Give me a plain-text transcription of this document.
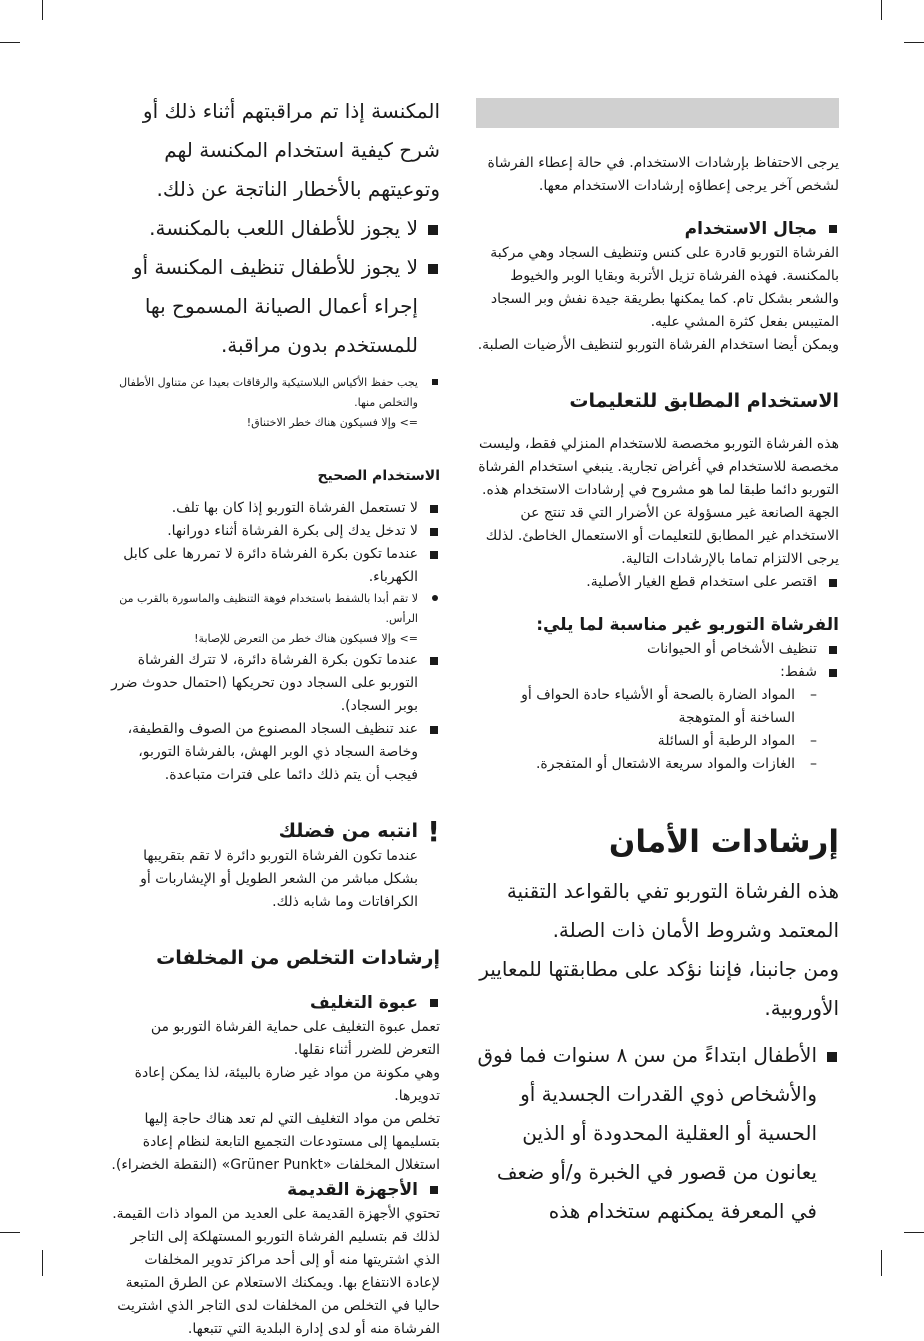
يرجى الاحتفاظ بإرشادات الاستخدام. في حالة إعطاء الفرشاة لشخص آخر يرجى إعطاؤه إرشادات الاستخدام معها.

مجال الاستخدام

الفرشاة التوربو قادرة على كنس وتنظيف السجاد وهي مركبة بالمكنسة. فهذه الفرشاة تزيل الأتربة وبقايا الوبر والخيوط والشعر بشكل تام. كما يمكنها بطريقة جيدة نفش وبر السجاد المتيبس بفعل كثرة المشي عليه.

ويمكن أيضا استخدام الفرشاة التوربو لتنظيف الأرضيات الصلبة.

الاستخدام المطابق للتعليمات

هذه الفرشاة التوربو مخصصة للاستخدام المنزلي فقط، وليست مخصصة للاستخدام في أغراض تجارية. ينبغي استخدام الفرشاة التوربو دائما طبقا لما هو مشروح في إرشادات الاستخدام هذه. الجهة الصانعة غير مسؤولة عن الأضرار التي قد تنتج عن الاستخدام غير المطابق للتعليمات أو الاستعمال الخاطئ. لذلك يرجى الالتزام تماما بالإرشادات التالية.

اقتصر على استخدام قطع الغيار الأصلية.

الفرشاة التوربو غير مناسبة لما يلي:

تنظيف الأشخاص أو الحيوانات

شفط:

– المواد الضارة بالصحة أو الأشياء حادة الحواف أو الساخنة أو المتوهجة

– المواد الرطبة أو السائلة

– الغازات والمواد سريعة الاشتعال أو المتفجرة.

إرشادات الأمان

هذه الفرشاة التوربو تفي بالقواعد التقنية المعتمد وشروط الأمان ذات الصلة.

ومن جانبنا، فإننا نؤكد على مطابقتها للمعايير الأوروبية.

الأطفال ابتداءً من سن ٨ سنوات فما فوق والأشخاص ذوي القدرات الجسدية أو الحسية أو العقلية المحدودة أو الذين يعانون من قصور في الخبرة و/أو ضعف في المعرفة يمكنهم ستخدام هذه

المكنسة إذا تم مراقبتهم أثناء ذلك أو شرح كيفية استخدام المكنسة لهم وتوعيتهم بالأخطار الناتجة عن ذلك.

لا يجوز للأطفال اللعب بالمكنسة.

لا يجوز للأطفال تنظيف المكنسة أو إجراء أعمال الصيانة المسموح بها للمستخدم بدون مراقبة.

يجب حفظ الأكياس البلاستيكية والرقاقات بعيدا عن متناول الأطفال والتخلص منها.

=> وإلا فسيكون هناك خطر الاختناق!

الاستخدام الصحيح

لا تستعمل الفرشاة التوربو إذا كان بها تلف.

لا تدخل يدك إلى بكرة الفرشاة أثناء دورانها.

عندما تكون بكرة الفرشاة دائرة لا تمررها على كابل الكهرباء.

لا تقم أبدا بالشفط باستخدام فوهة التنظيف والماسورة بالقرب من الرأس.

=> وإلا فسيكون هناك خطر من التعرض للإصابة!

عندما تكون بكرة الفرشاة دائرة، لا تترك الفرشاة التوربو على السجاد دون تحريكها (احتمال حدوث ضرر بوبر السجاد).

عند تنظيف السجاد المصنوع من الصوف والقطيفة، وخاصة السجاد ذي الوبر الهش، بالفرشاة التوربو، فيجب أن يتم ذلك دائما على فترات متباعدة.

!

انتبه من فضلك

عندما تكون الفرشاة التوربو دائرة لا تقم بتقريبها بشكل مباشر من الشعر الطويل أو الإيشاربات أو الكرافاتات وما شابه ذلك.

إرشادات التخلص من المخلفات

عبوة التغليف

تعمل عبوة التغليف على حماية الفرشاة التوربو من التعرض للضرر أثناء نقلها.

وهي مكونة من مواد غير ضارة بالبيئة، لذا يمكن إعادة تدويرها.

تخلص من مواد التغليف التي لم تعد هناك حاجة إليها بتسليمها إلى مستودعات التجميع التابعة لنظام إعادة استغلال المخلفات «Grüner Punkt» (النقطة الخضراء).

الأجهزة القديمة

تحتوي الأجهزة القديمة على العديد من المواد ذات القيمة.

لذلك قم بتسليم الفرشاة التوربو المستهلكة إلى التاجر الذي اشتريتها منه أو إلى أحد مراكز تدوير المخلفات لإعادة الانتفاع بها. ويمكنك الاستعلام عن الطرق المتبعة حاليا في التخلص من المخلفات لدى التاجر الذي اشتريت الفرشاة منه أو لدى إدارة البلدية التي تتبعها.
